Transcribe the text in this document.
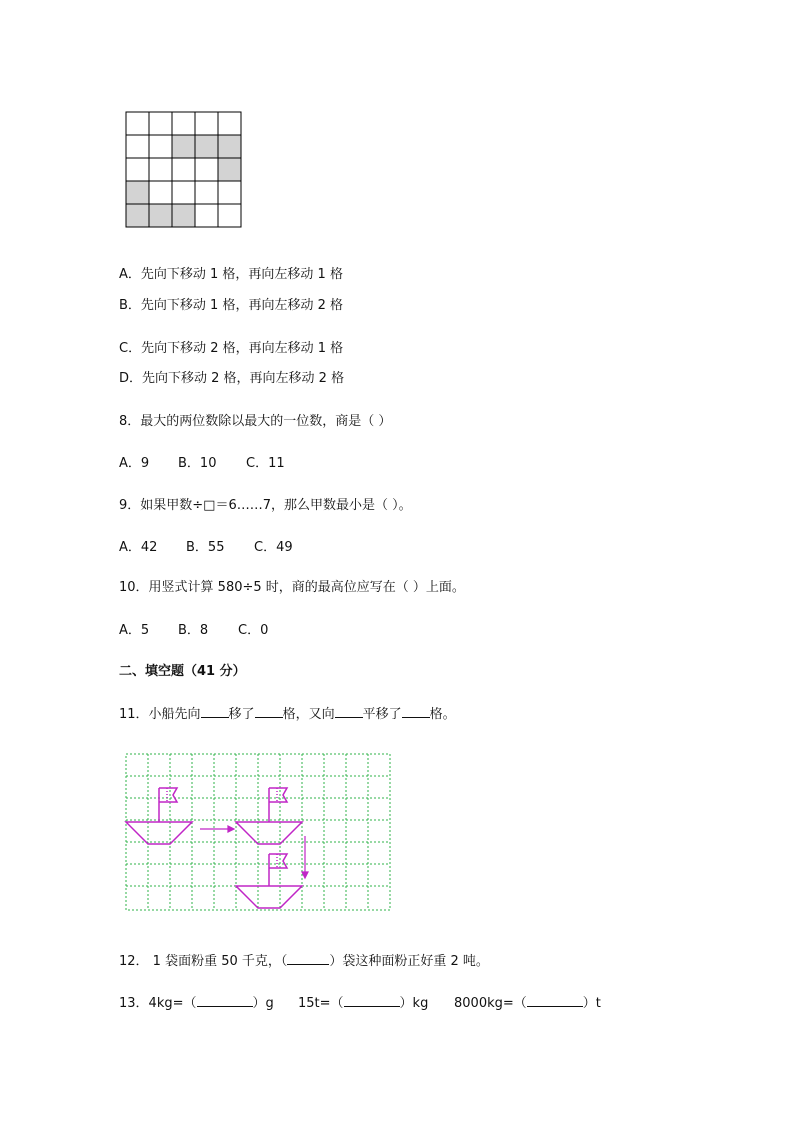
A．先向下移动 1 格，再向左移动 1 格
B．先向下移动 1 格，再向左移动 2 格
C．先向下移动 2 格，再向左移动 1 格
D．先向下移动 2 格，再向左移动 2 格
8．最大的两位数除以最大的一位数，商是（ ）
A．9 B．10 C．11
9．如果甲数÷□＝6……7，那么甲数最小是（ ）。
A．42 B．55 C．49
10．用竖式计算 580÷5 时，商的最高位应写在（ ）上面。
A．5 B．8 C．0
二、填空题（41 分）
11．小船先向 移了 格，又向 平移了 格。
12． 1 袋面粉重 50 千克，（	）袋这种面粉正好重 2 吨。
13．4kg=（	）g 15t=（	）kg 8000kg=（	）t
